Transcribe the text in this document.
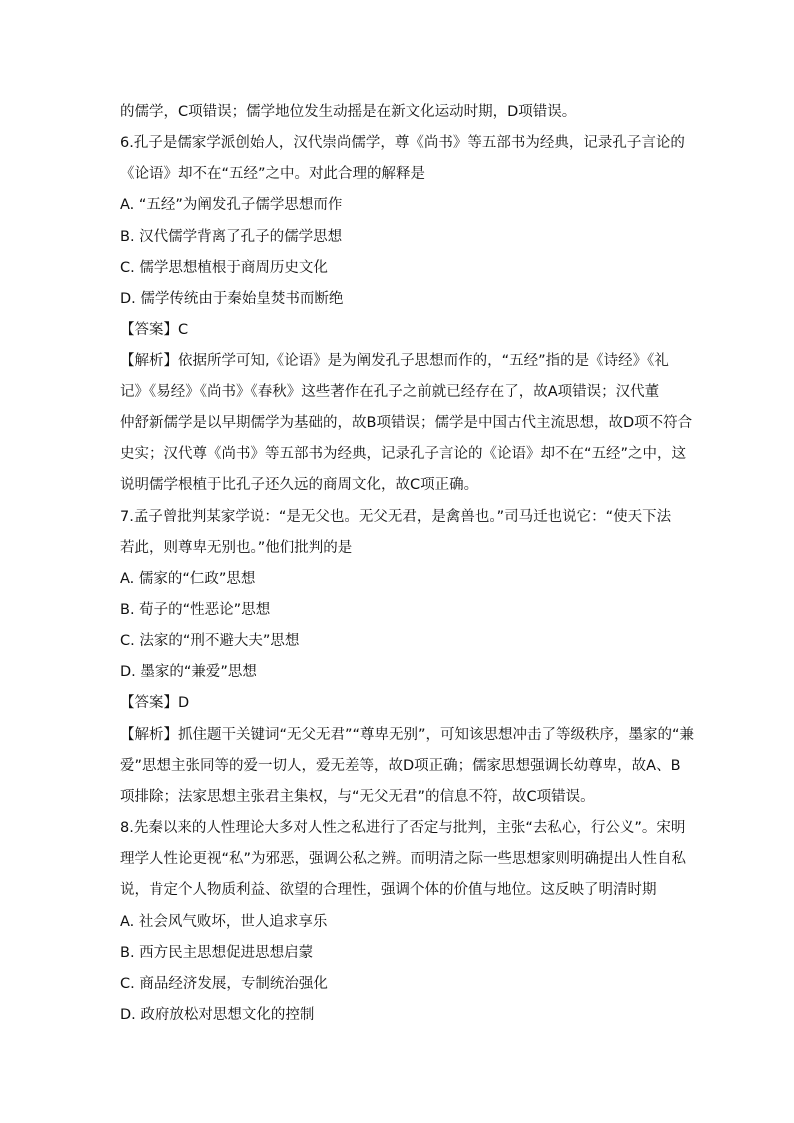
的儒学，C项错误；儒学地位发生动摇是在新文化运动时期，D项错误。
6.孔子是儒家学派创始人，汉代崇尚儒学，尊《尚书》等五部书为经典，记录孔子言论的
《论语》却不在“五经”之中。对此合理的解释是
A. “五经”为阐发孔子儒学思想而作
B. 汉代儒学背离了孔子的儒学思想
C. 儒学思想植根于商周历史文化
D. 儒学传统由于秦始皇焚书而断绝
【答案】C
【解析】依据所学可知,《论语》是为阐发孔子思想而作的，“五经”指的是《诗经》《礼
记》《易经》《尚书》《春秋》这些著作在孔子之前就已经存在了，故A项错误；汉代董
仲舒新儒学是以早期儒学为基础的，故B项错误；儒学是中国古代主流思想，故D项不符合
史实；汉代尊《尚书》等五部书为经典，记录孔子言论的《论语》却不在“五经”之中，这
说明儒学根植于比孔子还久远的商周文化，故C项正确。
7.孟子曾批判某家学说：“是无父也。无父无君，是禽兽也。”司马迁也说它：“使天下法
若此，则尊卑无别也。”他们批判的是
A. 儒家的“仁政”思想
B. 荀子的“性恶论”思想
C. 法家的“刑不避大夫”思想
D. 墨家的“兼爱”思想
【答案】D
【解析】抓住题干关键词“无父无君”“尊卑无别”，可知该思想冲击了等级秩序，墨家的“兼
爱”思想主张同等的爱一切人，爱无差等，故D项正确；儒家思想强调长幼尊卑，故A、B
项排除；法家思想主张君主集权，与“无父无君”的信息不符，故C项错误。
8.先秦以来的人性理论大多对人性之私进行了否定与批判，主张“去私心，行公义”。宋明
理学人性论更视“私”为邪恶，强调公私之辨。而明清之际一些思想家则明确提出人性自私
说，肯定个人物质利益、欲望的合理性，强调个体的价值与地位。这反映了明清时期
A. 社会风气败坏，世人追求享乐
B. 西方民主思想促进思想启蒙
C. 商品经济发展，专制统治强化
D. 政府放松对思想文化的控制
